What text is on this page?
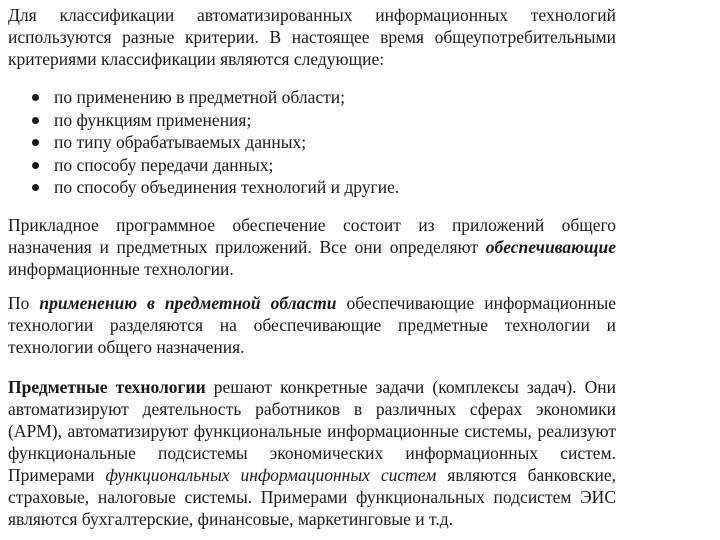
Для классификации автоматизированных информационных технологий используются разные критерии. В настоящее время общеупотребительными критериями классификации являются следующие:

по применению в предметной области;
по функциям применения;
по типу обрабатываемых данных;
по способу передачи данных;
по способу объединения технологий и другие.

Прикладное программное обеспечение состоит из приложений общего назначения и предметных приложений. Все они определяют обеспечивающие информационные технологии.

По применению в предметной области обеспечивающие информационные технологии разделяются на обеспечивающие предметные технологии и технологии общего назначения.

Предметные технологии решают конкретные задачи (комплексы задач). Они автоматизируют деятельность работников в различных сферах экономики (АРМ), автоматизируют функциональные информационные системы, реализуют функциональные подсистемы экономических информационных систем. Примерами функциональных информационных систем являются банковские, страховые, налоговые системы. Примерами функциональных подсистем ЭИС являются бухгалтерские, финансовые, маркетинговые и т.д.
